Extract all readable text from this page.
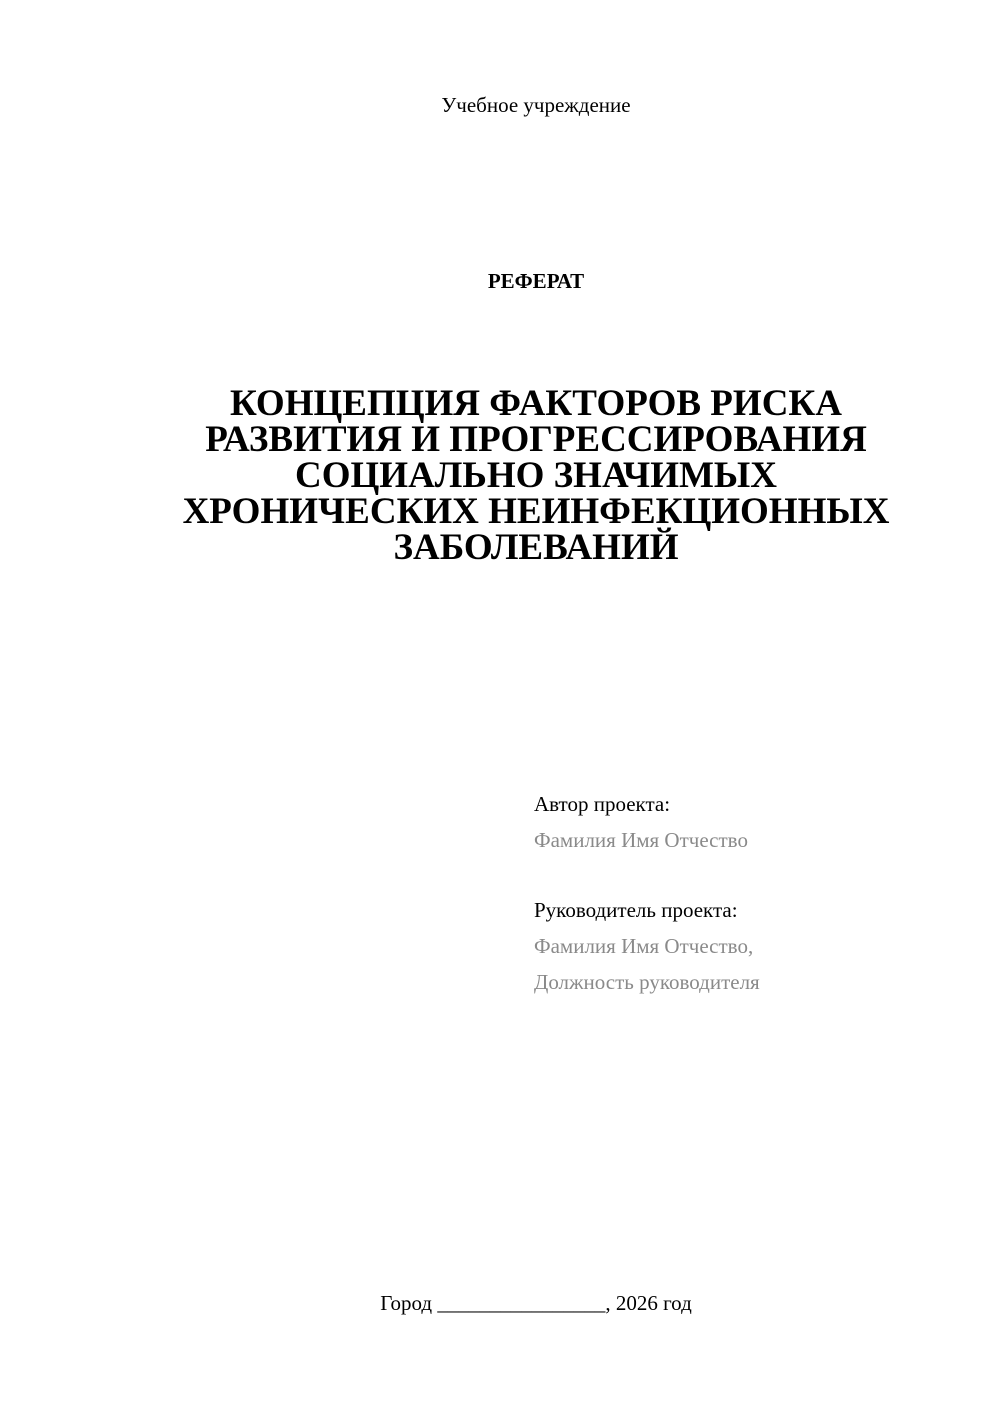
Учебное учреждение
РЕФЕРАТ
КОНЦЕПЦИЯ ФАКТОРОВ РИСКА
РАЗВИТИЯ И ПРОГРЕССИРОВАНИЯ
СОЦИАЛЬНО ЗНАЧИМЫХ
ХРОНИЧЕСКИХ НЕИНФЕКЦИОННЫХ
ЗАБОЛЕВАНИЙ
Автор проекта:
Фамилия Имя Отчество
Руководитель проекта:
Фамилия Имя Отчество,
Должность руководителя
Город ________________, 2026 год
